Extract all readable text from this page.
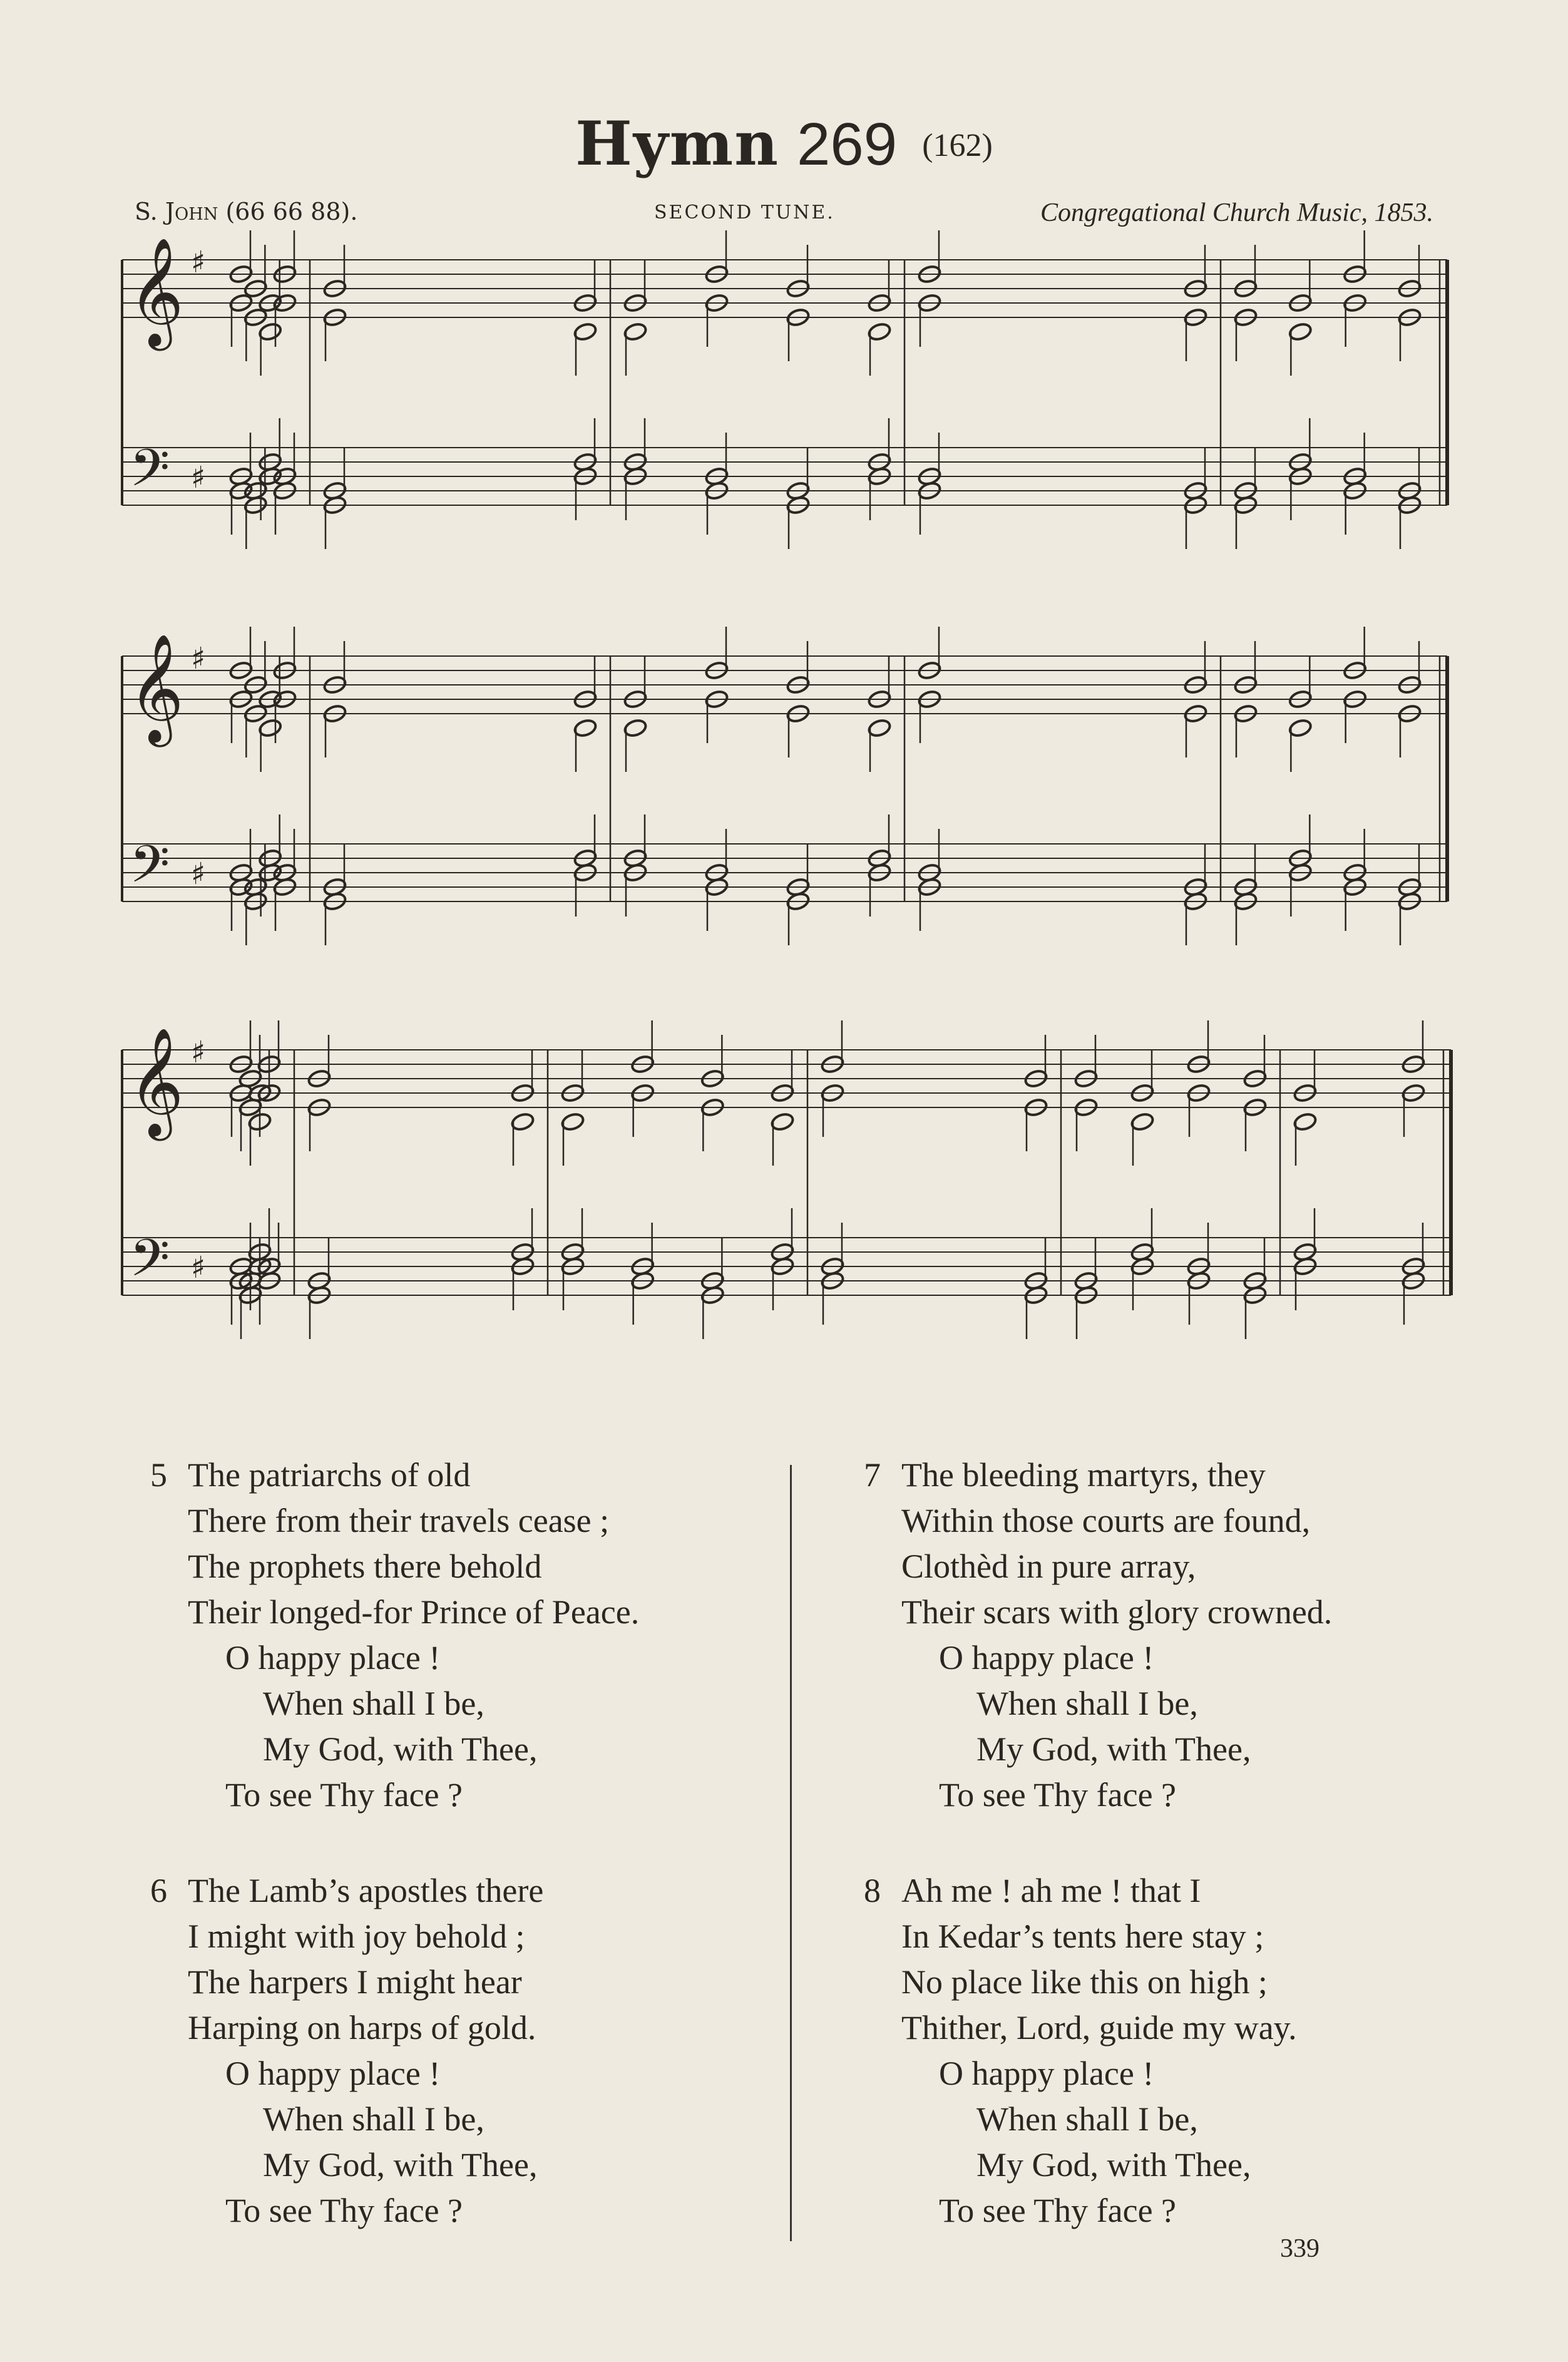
Hymn 269 (162)
S. John (66 66 88).	SECOND TUNE.	Congregational Church Music, 1853.
𝄞
𝄢
♯
♯
𝄞
𝄢
♯
♯
𝄞
𝄢
♯
♯
5 The patriarchs of old
There from their travels cease ;
The prophets there behold
Their longed-for Prince of Peace.
O happy place !
When shall I be,
My God, with Thee,
To see Thy face ?
6 The Lamb’s apostles there
I might with joy behold ;
The harpers I might hear
Harping on harps of gold.
O happy place !
When shall I be,
My God, with Thee,
To see Thy face ?
7 The bleeding martyrs, they
Within those courts are found,
Clothèd in pure array,
Their scars with glory crowned.
O happy place !
When shall I be,
My God, with Thee,
To see Thy face ?
8 Ah me ! ah me ! that I
In Kedar’s tents here stay ;
No place like this on high ;
Thither, Lord, guide my way.
O happy place !
When shall I be,
My God, with Thee,
To see Thy face ?
339
